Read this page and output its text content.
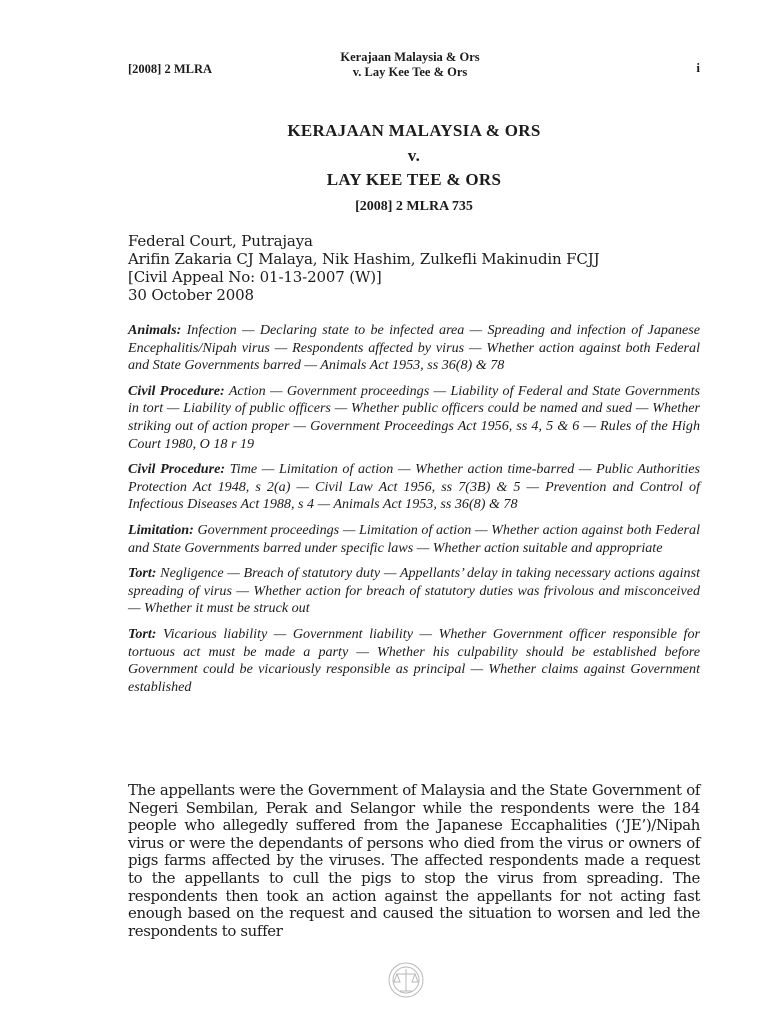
[2008] 2 MLRA
Kerajaan Malaysia & Ors
v. Lay Kee Tee & Ors	i
KERAJAAN MALAYSIA & ORS
v.
LAY KEE TEE & ORS
[2008] 2 MLRA 735
Federal Court, Putrajaya
Arifin Zakaria CJ Malaya, Nik Hashim, Zulkefli Makinudin FCJJ
[Civil Appeal No: 01-13-2007 (W)]
30 October 2008

Animals: Infection — Declaring state to be infected area — Spreading and infection of Japanese Encephalitis/Nipah virus — Respondents affected by virus — Whether action against both Federal and State Governments barred — Animals Act 1953, ss 36(8) & 78

Civil Procedure: Action — Government proceedings — Liability of Federal and State Governments in tort — Liability of public officers — Whether public officers could be named and sued — Whether striking out of action proper — Government Proceedings Act 1956, ss 4, 5 & 6 — Rules of the High Court 1980, O 18 r 19

Civil Procedure: Time — Limitation of action — Whether action time-barred — Public Authorities Protection Act 1948, s 2(a) — Civil Law Act 1956, ss 7(3B) & 5 — Prevention and Control of Infectious Diseases Act 1988, s 4 — Animals Act 1953, ss 36(8) & 78

Limitation: Government proceedings — Limitation of action — Whether action against both Federal and State Governments barred under specific laws — Whether action suitable and appropriate

Tort: Negligence — Breach of statutory duty — Appellants’ delay in taking necessary actions against spreading of virus — Whether action for breach of statutory duties was frivolous and misconceived — Whether it must be struck out

Tort: Vicarious liability — Government liability — Whether Government officer responsible for tortuous act must be made a party — Whether his culpability should be established before Government could be vicariously responsible as principal — Whether claims against Government established

The appellants were the Government of Malaysia and the State Government of Negeri Sembilan, Perak and Selangor while the respondents were the 184 people who allegedly suffered from the Japanese Eccaphalities (‘JE’)/Nipah virus or were the dependants of persons who died from the virus or owners of pigs farms affected by the viruses. The affected respondents made a request to the appellants to cull the pigs to stop the virus from spreading. The respondents then took an action against the appellants for not acting fast enough based on the request and caused the situation to worsen and led the respondents to suffer
